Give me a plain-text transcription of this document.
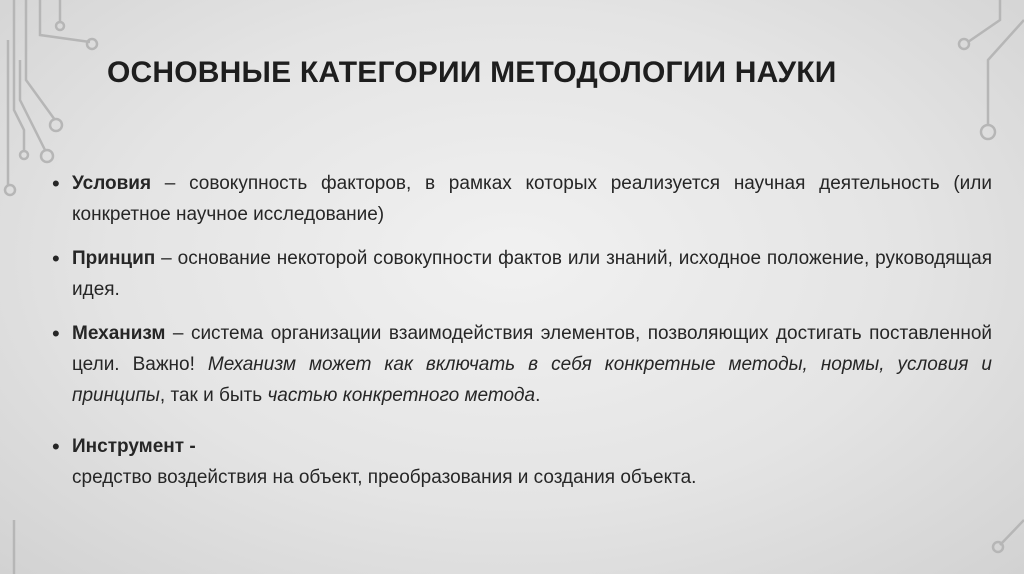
ОСНОВНЫЕ КАТЕГОРИИ МЕТОДОЛОГИИ НАУКИ
• Условия – совокупность факторов, в рамках которых реализуется научная деятельность (или конкретное научное исследование)
• Принцип – основание некоторой совокупности фактов или знаний, исходное положение, руководящая идея.
• Механизм – система организации взаимодействия элементов, позволяющих достигать поставленной цели. Важно! Механизм может как включать в себя конкретные методы, нормы, условия и принципы, так и быть частью конкретного метода.
• Инструмент -
средство воздействия на объект, преобразования и создания объекта.
